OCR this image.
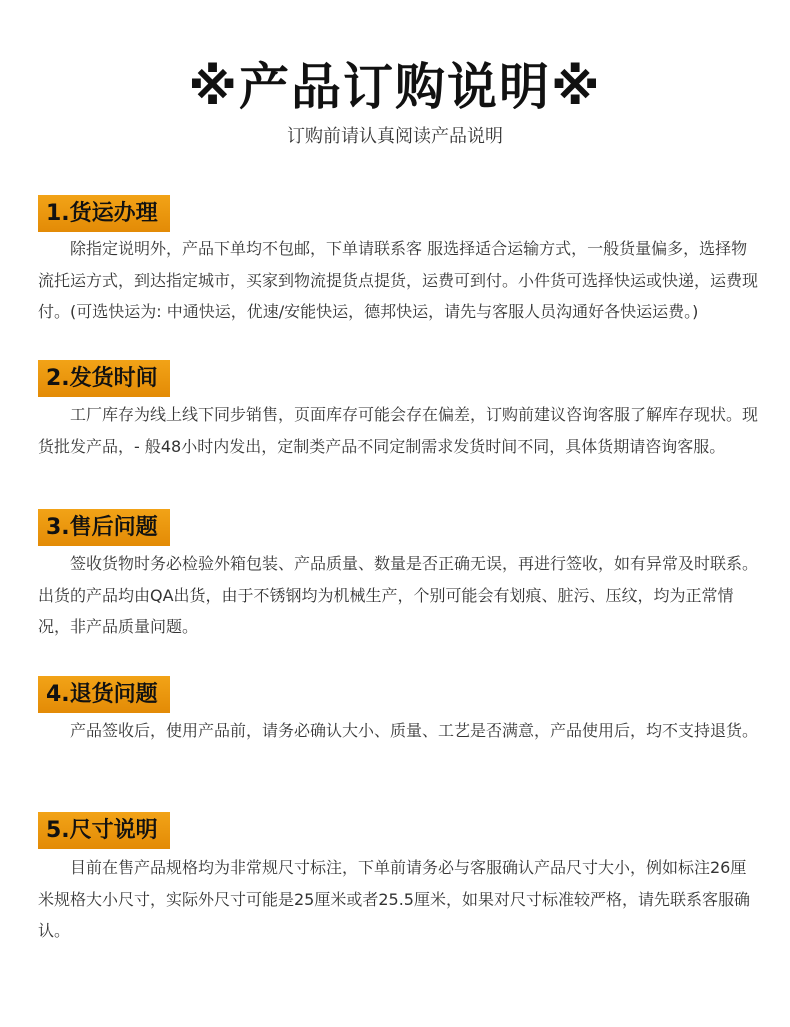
※产品订购说明※
订购前请认真阅读产品说明
1.货运办理

除指定说明外，产品下单均不包邮，下单请联系客 服选择适合运输方式，一般货量偏多，选择物流托运方式，到达指定城市，买家到物流提货点提货，运费可到付。小件货可选择快运或快递，运费现付。(可选快运为: 中通快运，优速/安能快运，德邦快运，请先与客服人员沟通好各快运运费。)

2.发货时间

工厂库存为线上线下同步销售，页面库存可能会存在偏差，订购前建议咨询客服了解库存现状。现货批发产品，- 般48小时内发出，定制类产品不同定制需求发货时间不同，具体货期请咨询客服。

3.售后问题

签收货物时务必检验外箱包装、产品质量、数量是否正确无误，再进行签收，如有异常及时联系。出货的产品均由QA出货，由于不锈钢均为机械生产，个别可能会有划痕、脏污、压纹，均为正常情况，非产品质量问题。

4.退货问题

产品签收后，使用产品前，请务必确认大小、质量、工艺是否满意，产品使用后，均不支持退货。

5.尺寸说明

目前在售产品规格均为非常规尺寸标注，下单前请务必与客服确认产品尺寸大小，例如标注26厘米规格大小尺寸，实际外尺寸可能是25厘米或者25.5厘米，如果对尺寸标准较严格，请先联系客服确认。
